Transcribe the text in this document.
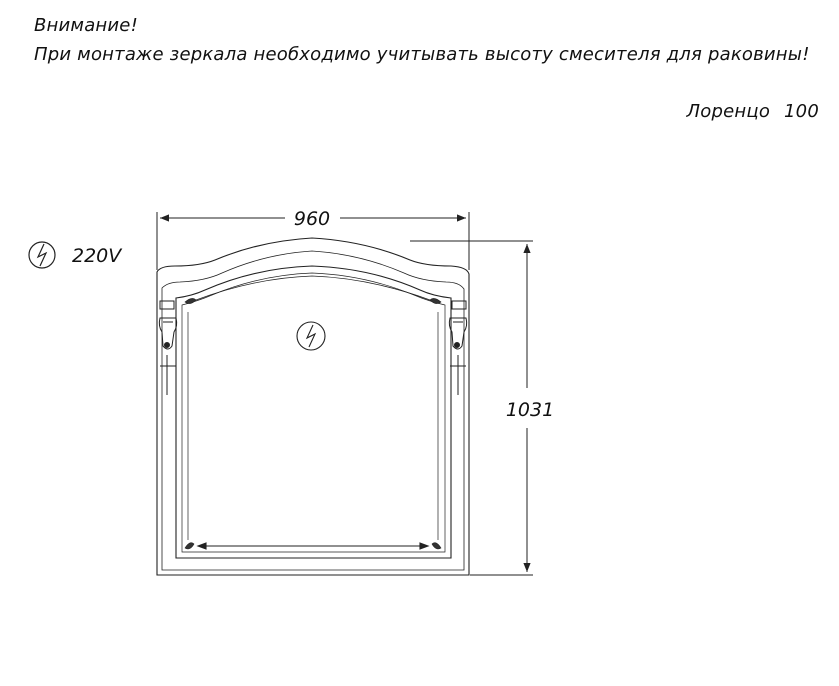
Внимание!
При монтаже зеркала необходимо учитывать высоту смесителя для раковины!
Лоренцо 100
220V
960
1031
